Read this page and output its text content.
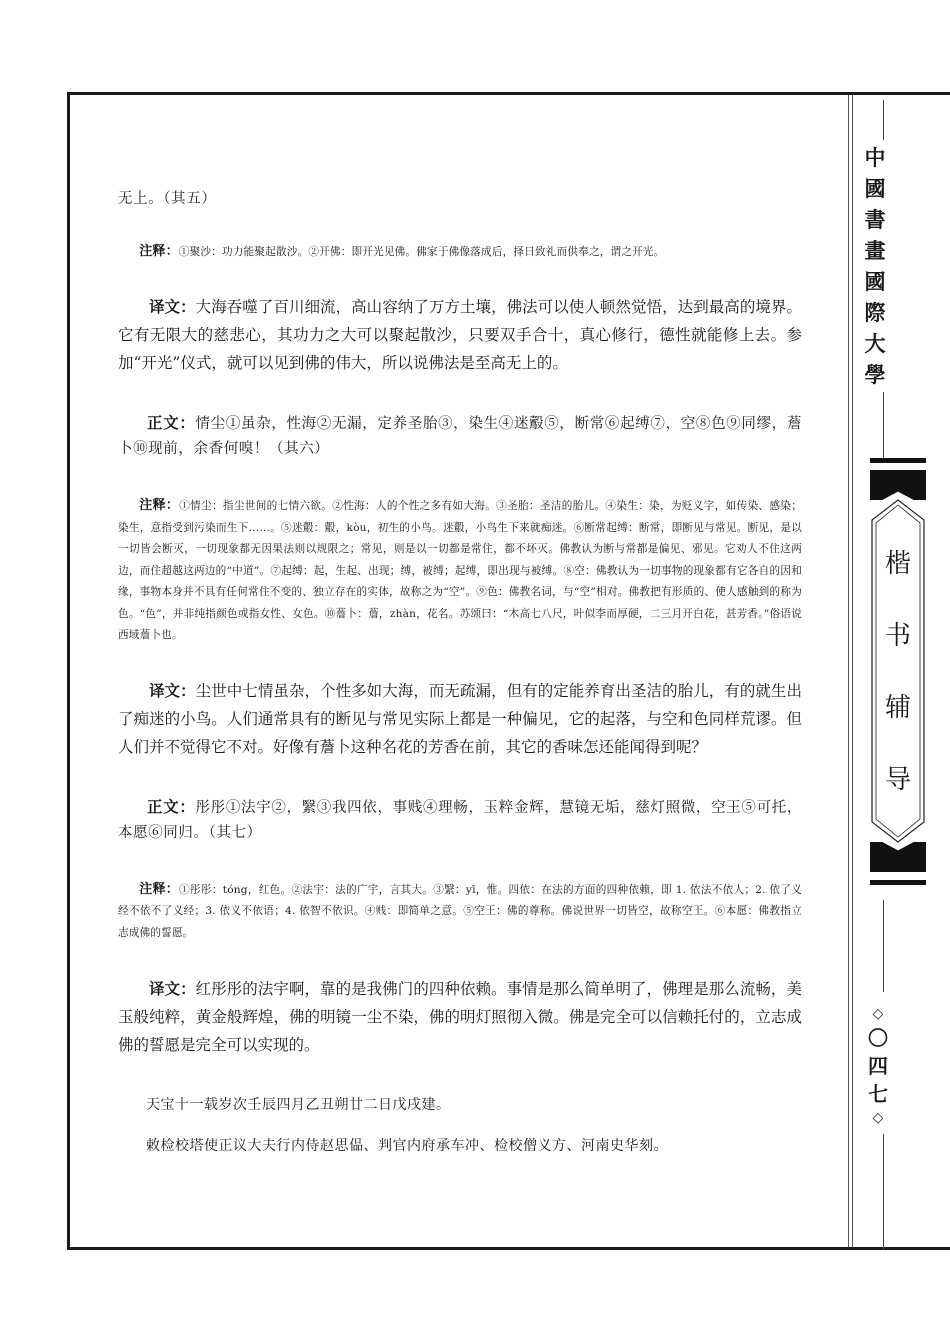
无上。（其五）

注释：①聚沙：功力能聚起散沙。②开佛：即开光见佛。佛家于佛像落成后，择日致礼而供奉之，谓之开光。

译文：大海吞噬了百川细流，高山容纳了万方土壤，佛法可以使人顿然觉悟，达到最高的境界。它有无限大的慈悲心，其功力之大可以聚起散沙，只要双手合十，真心修行，德性就能修上去。参加“开光”仪式，就可以见到佛的伟大，所以说佛法是至高无上的。

正文：情尘①虽杂，性海②无漏，定养圣胎③，染生④迷鷇⑤，断常⑥起缚⑦，空⑧色⑨同缪，薝卜⑩现前，余香何嗅！（其六）

注释：①情尘：指尘世间的七情六欲。②性海：人的个性之多有如大海。③圣胎：圣洁的胎儿。④染生：染，为贬义字，如传染、感染；染生，意指受到污染而生下……。⑤迷鷇：鷇，kòu，初生的小鸟。迷鷇，小鸟生下来就痴迷。⑥断常起缚：断常，即断见与常见。断见，是以一切皆会断灭，一切现象都无因果法则以规限之；常见，则是以一切都是常住，都不坏灭。佛教认为断与常都是偏见、邪见。它劝人不住这两边，而住超越这两边的“中道”。⑦起缚：起，生起、出现；缚，被缚；起缚，即出现与被缚。⑧空：佛教认为一切事物的现象都有它各自的因和缘，事物本身并不具有任何常住不变的、独立存在的实体，故称之为“空”。⑨色：佛教名词，与“空”相对。佛教把有形质的、使人感触到的称为色。“色”，并非纯指颜色或指女性、女色。⑩薝卜：薝，zhàn，花名。苏颂曰：“木高七八尺，叶似李而厚硬，二三月开白花，甚芳香。”俗语说西域薝卜也。

译文：尘世中七情虽杂，个性多如大海，而无疏漏，但有的定能养育出圣洁的胎儿，有的就生出了痴迷的小鸟。人们通常具有的断见与常见实际上都是一种偏见，它的起落，与空和色同样荒谬。但人们并不觉得它不对。好像有薝卜这种名花的芳香在前，其它的香味怎还能闻得到呢？

正文：彤彤①法宇②，繄③我四依，事贱④理畅，玉粹金辉，慧镜无垢，慈灯照微，空王⑤可托，本愿⑥同归。（其七）

注释：①彤彤：tóng，红色。②法宇：法的广宇，言其大。③繄：yī，惟。四依：在法的方面的四种依赖，即 1. 依法不依人；2. 依了义经不依不了义经；3. 依义不依语；4. 依智不依识。④贱：即简单之意。⑤空王：佛的尊称。佛说世界一切皆空，故称空王。⑥本愿：佛教指立志成佛的誓愿。

译文：红彤彤的法宇啊，靠的是我佛门的四种依赖。事情是那么简单明了，佛理是那么流畅，美玉般纯粹，黄金般辉煌，佛的明镜一尘不染，佛的明灯照彻入微。佛是完全可以信赖托付的，立志成佛的誓愿是完全可以实现的。

天宝十一载岁次壬辰四月乙丑朔廿二日戊戌建。

敕检校塔使正议大夫行内侍赵思偘、判官内府承车冲、检校僧义方、河南史华刻。

中
國
書
畫
國
際
大
學
楷
书
辅
导
◇
〇
四
七
◇
